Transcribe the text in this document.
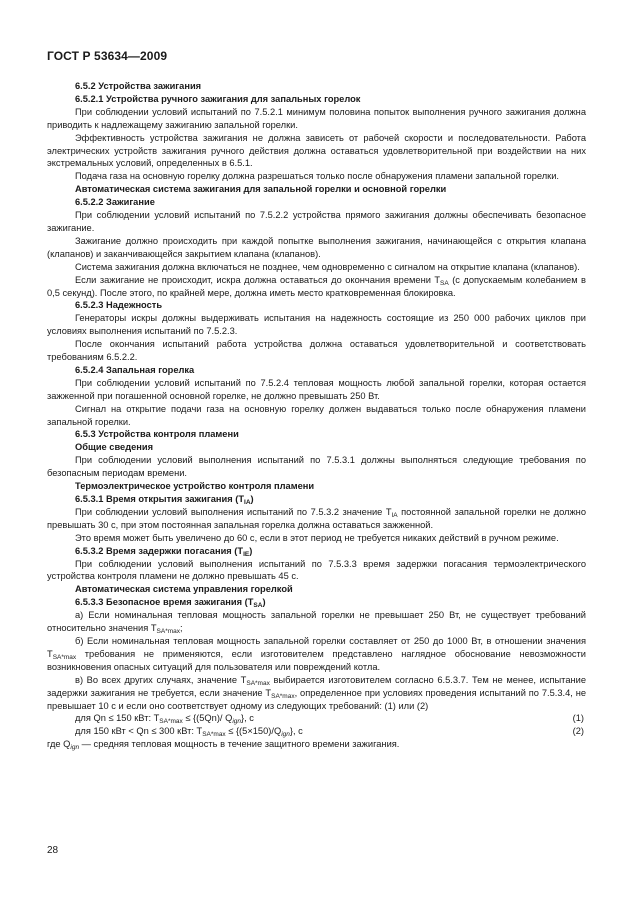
ГОСТ Р 53634—2009

6.5.2 Устройства зажигания

6.5.2.1 Устройства ручного зажигания для запальных горелок

При соблюдении условий испытаний по 7.5.2.1 минимум половина попыток выполнения ручного зажигания должна приводить к надлежащему зажиганию запальной горелки.

Эффективность устройства зажигания не должна зависеть от рабочей скорости и последовательности. Работа электрических устройств зажигания ручного действия должна оставаться удовлетворительной при воздействии на них экстремальных условий, определенных в 6.5.1.

Подача газа на основную горелку должна разрешаться только после обнаружения пламени запальной горелки.

Автоматическая система зажигания для запальной горелки и основной горелки

6.5.2.2 Зажигание

При соблюдении условий испытаний по 7.5.2.2 устройства прямого зажигания должны обеспечивать безопасное зажигание.

Зажигание должно происходить при каждой попытке выполнения зажигания, начинающейся с открытия клапана (клапанов) и заканчивающейся закрытием клапана (клапанов).

Система зажигания должна включаться не позднее, чем одновременно с сигналом на открытие клапана (клапанов).

Если зажигание не происходит, искра должна оставаться до окончания времени $T_{SA}$ (с допускаемым колебанием в 0,5 секунд). После этого, по крайней мере, должна иметь место кратковременная блокировка.

6.5.2.3 Надежность

Генераторы искры должны выдерживать испытания на надежность состоящие из 250 000 рабочих циклов при условиях выполнения испытаний по 7.5.2.3.

После окончания испытаний работа устройства должна оставаться удовлетворительной и соответствовать требованиям 6.5.2.2.

6.5.2.4 Запальная горелка

При соблюдении условий испытаний по 7.5.2.4 тепловая мощность любой запальной горелки, которая остается зажженной при погашенной основной горелке, не должно превышать 250 Вт.

Сигнал на открытие подачи газа на основную горелку должен выдаваться только после обнаружения пламени запальной горелки.

6.5.3 Устройства контроля пламени

Общие сведения

При соблюдении условий выполнения испытаний по 7.5.3.1 должны выполняться следующие требования по безопасным периодам времени.

Термоэлектрическое устройство контроля пламени

6.5.3.1 Время открытия зажигания $(T_{IA})$

При соблюдении условий выполнения испытаний по 7.5.3.2 значение $T_{IA}$ постоянной запальной горелки не должно превышать 30 с, при этом постоянная запальная горелка должна оставаться зажженной.

Это время может быть увеличено до 60 с, если в этот период не требуется никаких действий в ручном режиме.

6.5.3.2 Время задержки погасания $(T_{IE})$

При соблюдении условий выполнения испытаний по 7.5.3.3 время задержки погасания термоэлектрического устройства контроля пламени не должно превышать 45 с.

Автоматическая система управления горелкой

6.5.3.3 Безопасное время зажигания $(T_{SA})$

а) Если номинальная тепловая мощность запальной горелки не превышает 250 Вт, не существует требований относительно значения $T_{SA*max}$;

б) Если номинальная тепловая мощность запальной горелки составляет от 250 до 1000 Вт, в отношении значения $T_{SA*max}$ требования не применяются, если изготовителем представлено наглядное обоснование невозможности возникновения опасных ситуаций для пользователя или повреждений котла.

в) Во всех других случаях, значение $T_{SA*max}$ выбирается изготовителем согласно 6.5.3.7. Тем не менее, испытание задержки зажигания не требуется, если значение $T_{SA*max}$, определенное при условиях проведения испытаний по 7.5.3.4, не превышает 10 с и если оно соответствует одному из следующих требований: (1) или (2)

для Qn ≤ 150 кВт: $T_{SA*max} \le \{(5Qn)/$ $Q_{ign}$}, с	(1)
для 150 кВт < Qn ≤ 300 кВт: $T_{SA*max} \le \{(5\times 150)/Q_{ign}\}$, с	(2)

где $Q_{ign}$ — средняя тепловая мощность в течение защитного времени зажигания.

28
